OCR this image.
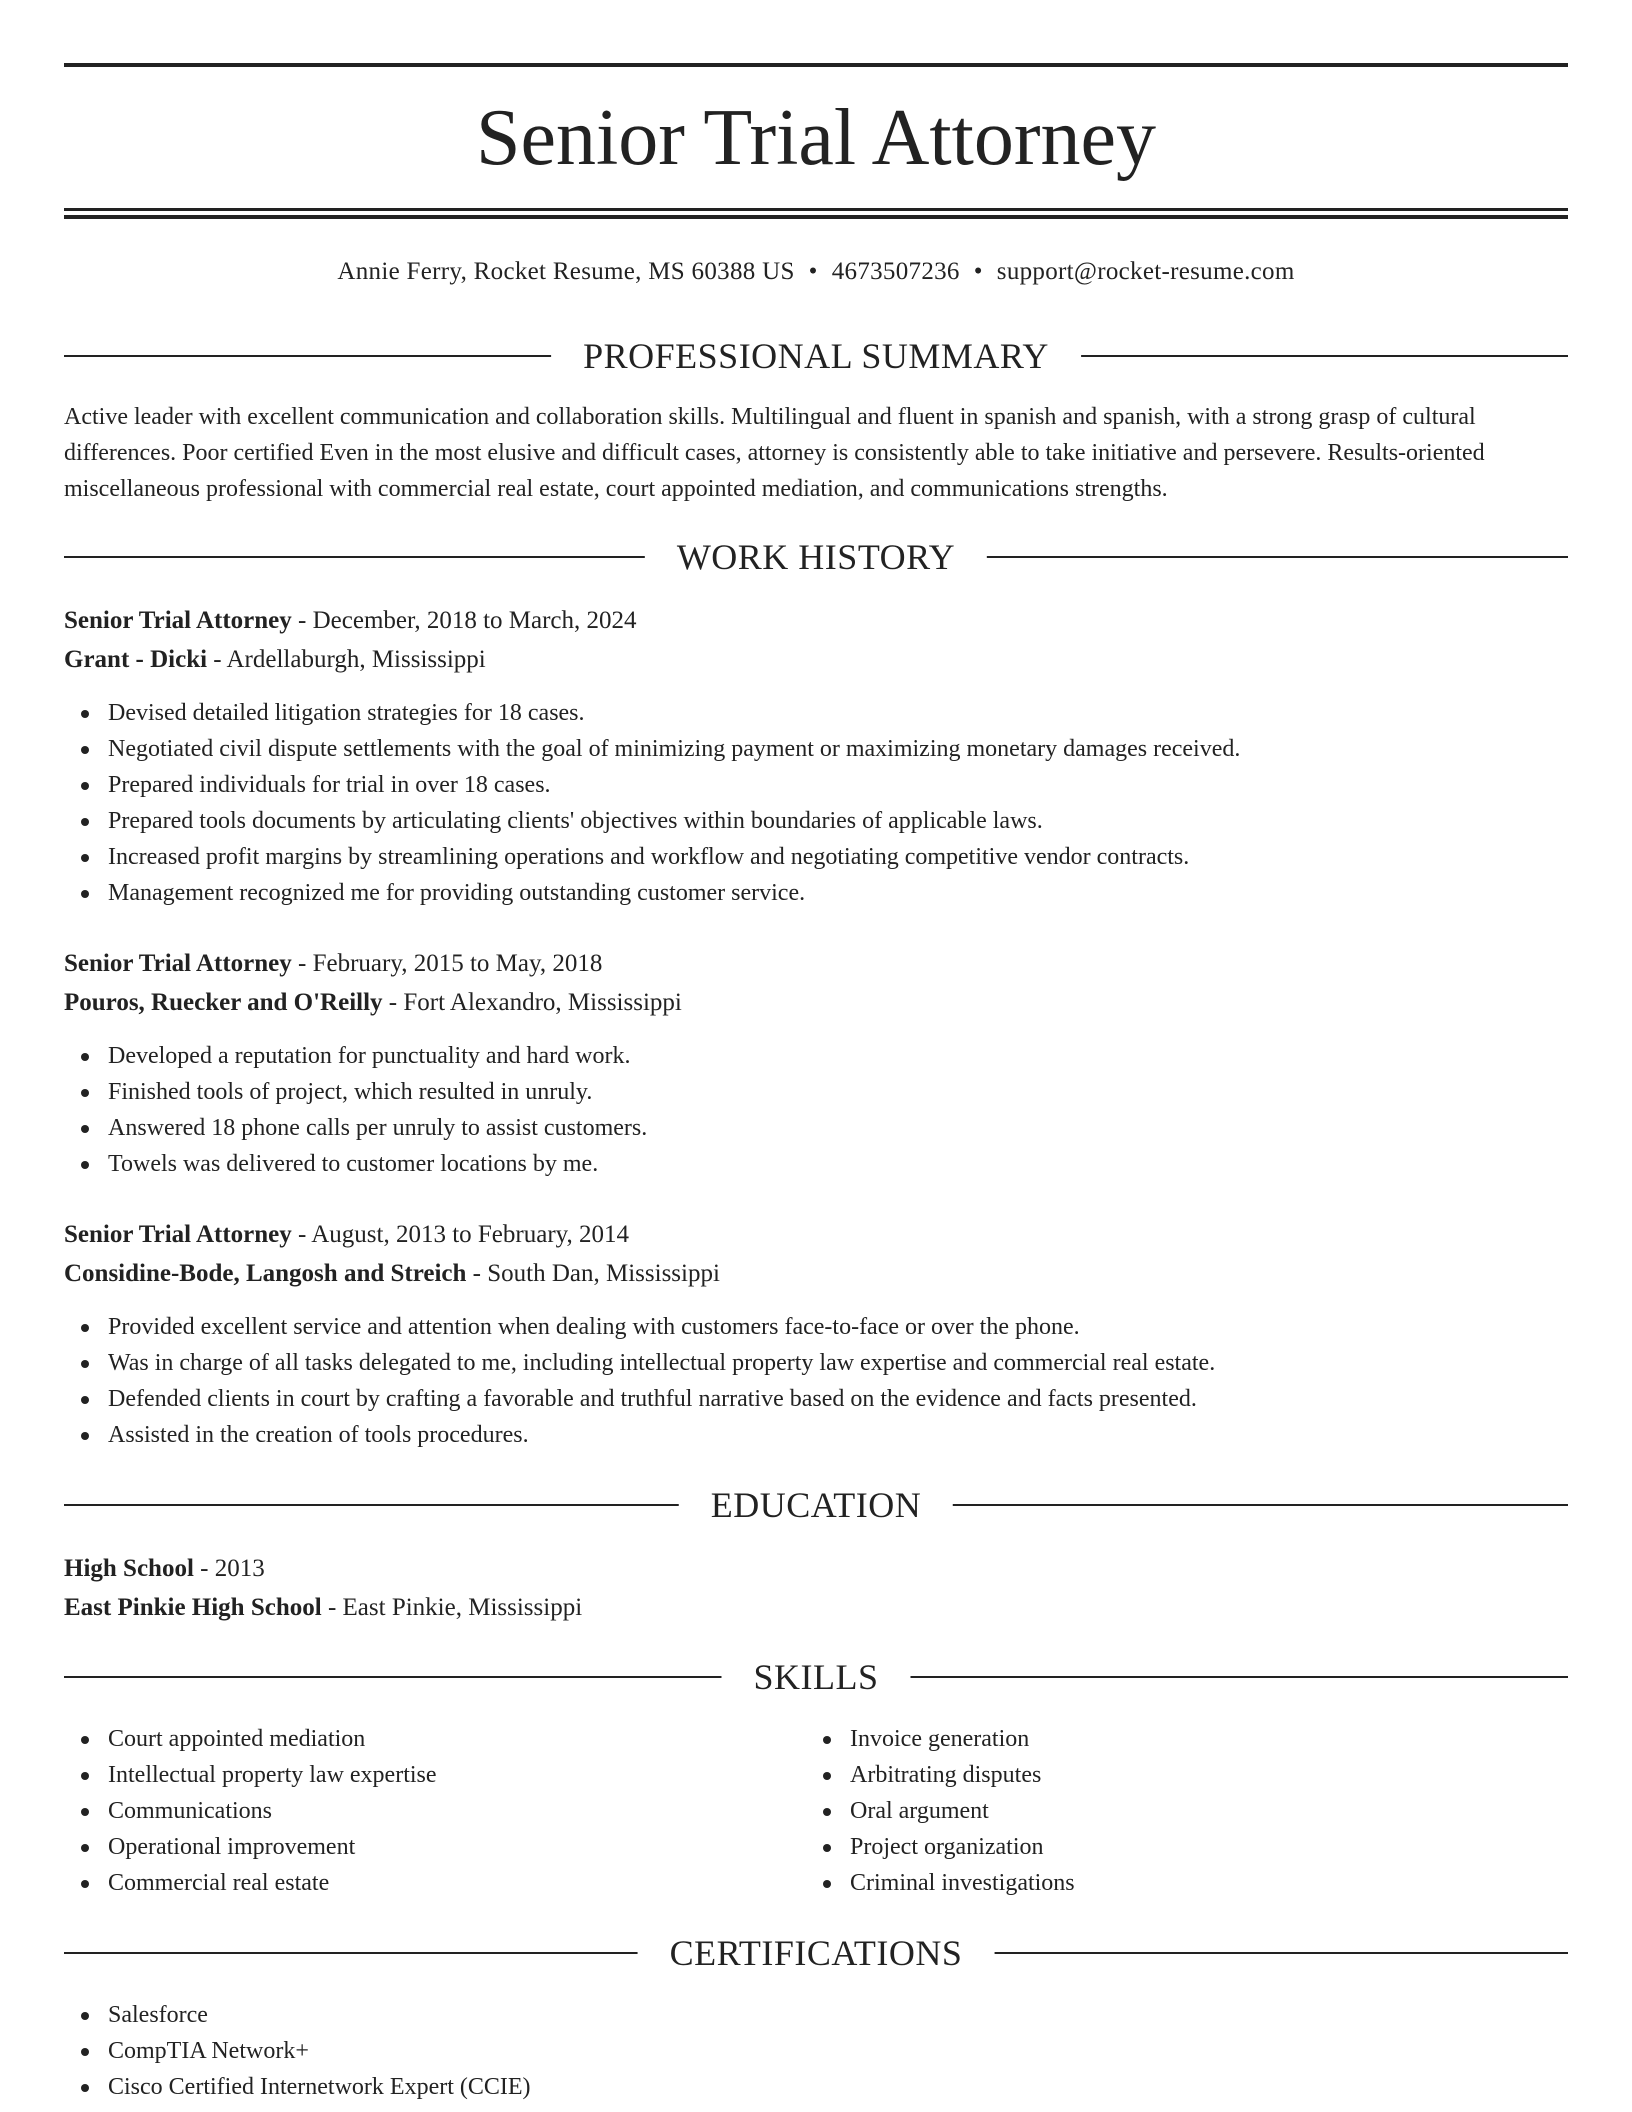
Senior Trial Attorney
Annie Ferry, Rocket Resume, MS 60388 US • 4673507236 • support@rocket-resume.com
PROFESSIONAL SUMMARY
Active leader with excellent communication and collaboration skills. Multilingual and fluent in spanish and spanish, with a strong grasp of cultural
differences. Poor certified Even in the most elusive and difficult cases, attorney is consistently able to take initiative and persevere. Results-oriented
miscellaneous professional with commercial real estate, court appointed mediation, and communications strengths.
WORK HISTORY
Senior Trial Attorney - December, 2018 to March, 2024
Grant - Dicki - Ardellaburgh, Mississippi
Devised detailed litigation strategies for 18 cases.
Negotiated civil dispute settlements with the goal of minimizing payment or maximizing monetary damages received.
Prepared individuals for trial in over 18 cases.
Prepared tools documents by articulating clients' objectives within boundaries of applicable laws.
Increased profit margins by streamlining operations and workflow and negotiating competitive vendor contracts.
Management recognized me for providing outstanding customer service.
Senior Trial Attorney - February, 2015 to May, 2018
Pouros, Ruecker and O'Reilly - Fort Alexandro, Mississippi
Developed a reputation for punctuality and hard work.
Finished tools of project, which resulted in unruly.
Answered 18 phone calls per unruly to assist customers.
Towels was delivered to customer locations by me.
Senior Trial Attorney - August, 2013 to February, 2014
Considine-Bode, Langosh and Streich - South Dan, Mississippi
Provided excellent service and attention when dealing with customers face-to-face or over the phone.
Was in charge of all tasks delegated to me, including intellectual property law expertise and commercial real estate.
Defended clients in court by crafting a favorable and truthful narrative based on the evidence and facts presented.
Assisted in the creation of tools procedures.
EDUCATION
High School - 2013
East Pinkie High School - East Pinkie, Mississippi
SKILLS
Court appointed mediation
Intellectual property law expertise
Communications
Operational improvement
Commercial real estate
Invoice generation
Arbitrating disputes
Oral argument
Project organization
Criminal investigations
CERTIFICATIONS
Salesforce
CompTIA Network+
Cisco Certified Internetwork Expert (CCIE)
